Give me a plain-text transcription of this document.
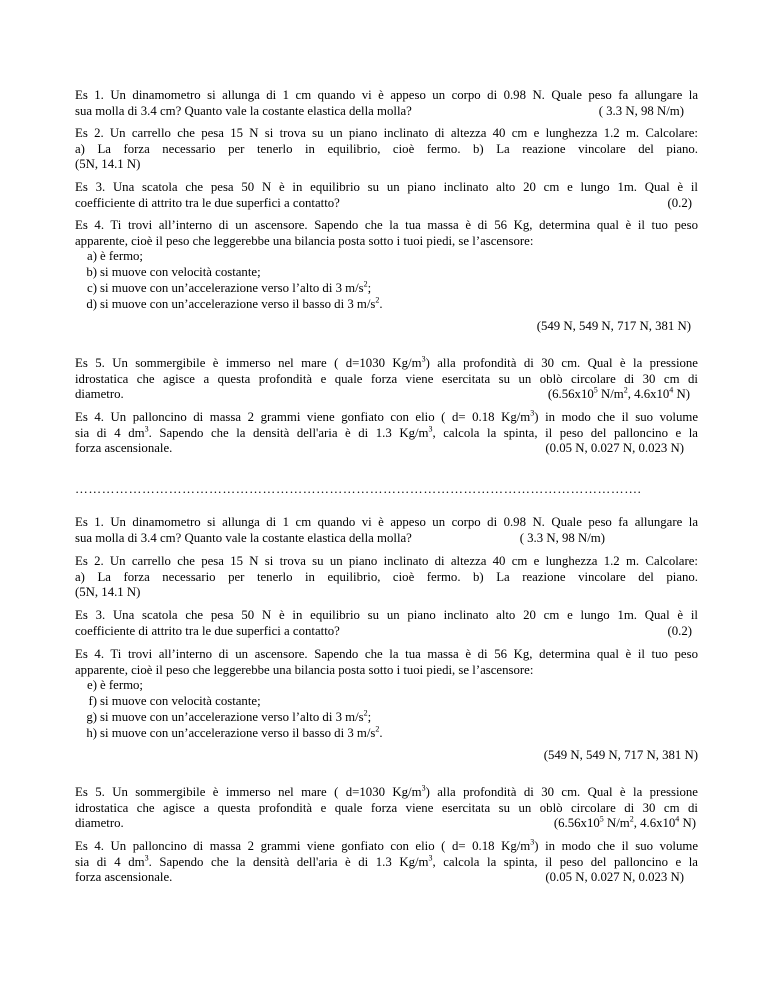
Es 1. Un dinamometro si allunga di 1 cm quando vi è appeso un corpo di 0.98 N. Quale peso fa allungare la
sua molla di 3.4 cm? Quanto vale la costante elastica della molla?	( 3.3 N, 98 N/m)
Es 2. Un carrello che pesa 15 N si trova su un piano inclinato di altezza 40 cm e lunghezza 1.2 m. Calcolare:
a) La forza necessario per tenerlo in equilibrio, cioè fermo. b) La reazione vincolare del piano.
(5N, 14.1 N)
Es 3. Una scatola che pesa 50 N è in equilibrio su un piano inclinato alto 20 cm e lungo 1m. Qual è il
coefficiente di attrito tra le due superfici a contatto?	(0.2)
Es 4. Ti trovi all’interno di un ascensore. Sapendo che la tua massa è di 56 Kg, determina qual è il tuo peso
apparente, cioè il peso che leggerebbe una bilancia posta sotto i tuoi piedi, se l’ascensore:
a ) è fermo;
b ) si muove con velocità costante;
c ) si muove con un’accelerazione verso l’alto di 3 $m/s^2$;
d ) si muove con un’accelerazione verso il basso di 3 $m/s^2$.
(549 N, 549 N, 717 N, 381 N)
Es 5. Un sommergibile è immerso nel mare ( d=1030 $Kg/m^3$) alla profondità di 30 cm. Qual è la pressione
idrostatica che agisce a questa profondità e quale forza viene esercitata su un oblò circolare di 30 cm di
diametro.	($6.56x10^5$ $N/m^2$, $4.6x10^4$ N)
Es 4. Un palloncino di massa 2 grammi viene gonfiato con elio ( d= 0.18 $Kg/m^3$) in modo che il suo volume
sia di 4 $dm^3$. Sapendo che la densità dell'aria è di 1.3 $Kg/m^3$, calcola la spinta, il peso del palloncino e la
forza ascensionale.	(0.05 N, 0.027 N, 0.023 N)
……………………………………………………………………………………………………………….
Es 1. Un dinamometro si allunga di 1 cm quando vi è appeso un corpo di 0.98 N. Quale peso fa allungare la
sua molla di 3.4 cm? Quanto vale la costante elastica della molla?	( 3.3 N, 98 N/m)
Es 2. Un carrello che pesa 15 N si trova su un piano inclinato di altezza 40 cm e lunghezza 1.2 m. Calcolare:
a) La forza necessario per tenerlo in equilibrio, cioè fermo. b) La reazione vincolare del piano.
(5N, 14.1 N)
Es 3. Una scatola che pesa 50 N è in equilibrio su un piano inclinato alto 20 cm e lungo 1m. Qual è il
coefficiente di attrito tra le due superfici a contatto?	(0.2)
Es 4. Ti trovi all’interno di un ascensore. Sapendo che la tua massa è di 56 Kg, determina qual è il tuo peso
apparente, cioè il peso che leggerebbe una bilancia posta sotto i tuoi piedi, se l’ascensore:
e ) è fermo;
f ) si muove con velocità costante;
g ) si muove con un’accelerazione verso l’alto di 3 $m/s^2$;
h ) si muove con un’accelerazione verso il basso di 3 $m/s^2$.
(549 N, 549 N, 717 N, 381 N)
Es 5. Un sommergibile è immerso nel mare ( d=1030 $Kg/m^3$) alla profondità di 30 cm. Qual è la pressione
idrostatica che agisce a questa profondità e quale forza viene esercitata su un oblò circolare di 30 cm di
diametro.	($6.56x10^5$ $N/m^2$, $4.6x10^4$ N)
Es 4. Un palloncino di massa 2 grammi viene gonfiato con elio ( d= 0.18 $Kg/m^3$) in modo che il suo volume
sia di 4 $dm^3$. Sapendo che la densità dell'aria è di 1.3 $Kg/m^3$, calcola la spinta, il peso del palloncino e la
forza ascensionale.	(0.05 N, 0.027 N, 0.023 N)
